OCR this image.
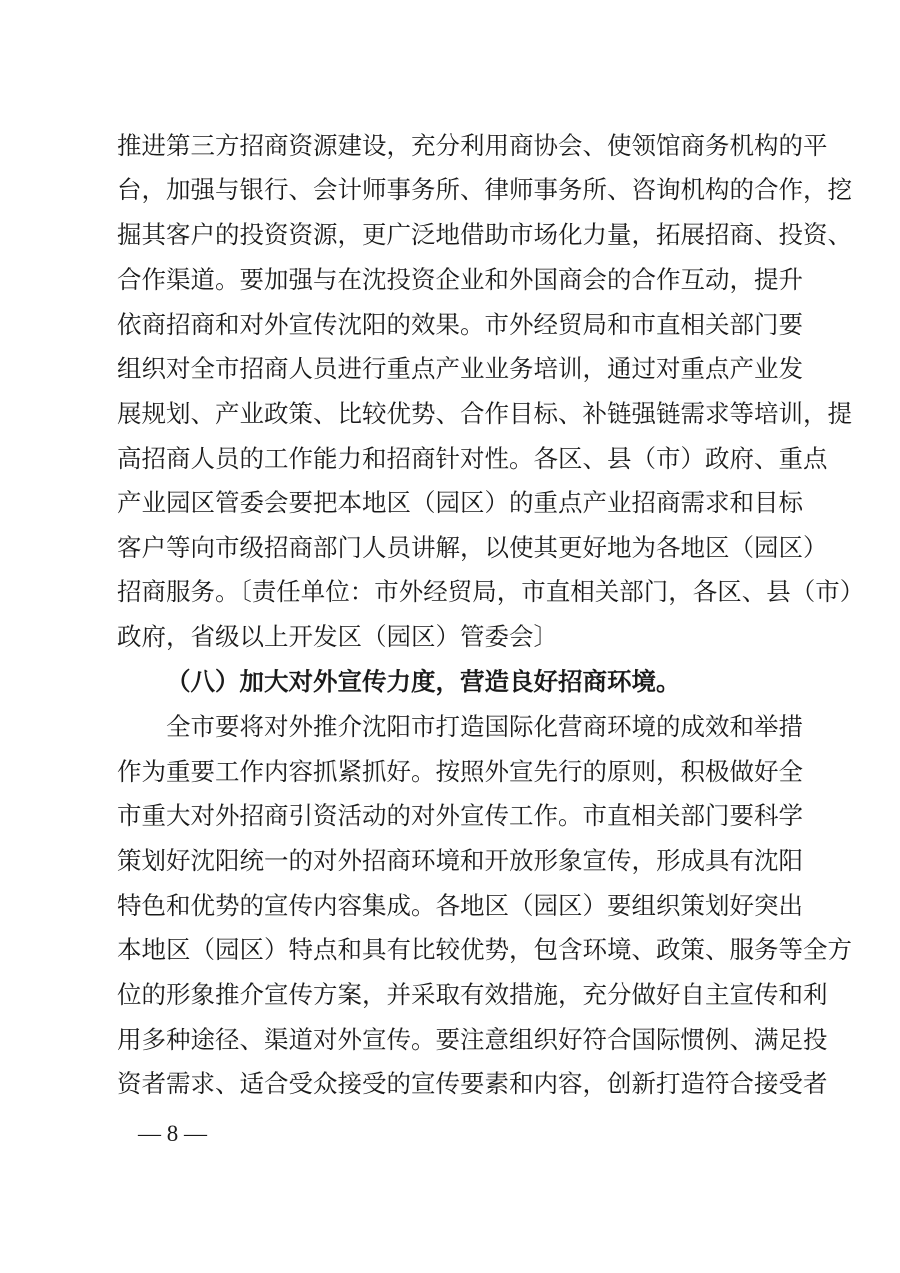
推进第三方招商资源建设，充分利用商协会、使领馆商务机构的平
台，加强与银行、会计师事务所、律师事务所、咨询机构的合作，挖
掘其客户的投资资源，更广泛地借助市场化力量，拓展招商、投资、
合作渠道。要加强与在沈投资企业和外国商会的合作互动，提升
依商招商和对外宣传沈阳的效果。市外经贸局和市直相关部门要
组织对全市招商人员进行重点产业业务培训，通过对重点产业发
展规划、产业政策、比较优势、合作目标、补链强链需求等培训，提
高招商人员的工作能力和招商针对性。各区、县（市）政府、重点
产业园区管委会要把本地区（园区）的重点产业招商需求和目标
客户等向市级招商部门人员讲解，以使其更好地为各地区（园区）
招商服务。〔责任单位：市外经贸局，市直相关部门，各区、县（市）
政府，省级以上开发区（园区）管委会〕
（八）加大对外宣传力度，营造良好招商环境。
全市要将对外推介沈阳市打造国际化营商环境的成效和举措
作为重要工作内容抓紧抓好。按照外宣先行的原则，积极做好全
市重大对外招商引资活动的对外宣传工作。市直相关部门要科学
策划好沈阳统一的对外招商环境和开放形象宣传，形成具有沈阳
特色和优势的宣传内容集成。各地区（园区）要组织策划好突出
本地区（园区）特点和具有比较优势，包含环境、政策、服务等全方
位的形象推介宣传方案，并采取有效措施，充分做好自主宣传和利
用多种途径、渠道对外宣传。要注意组织好符合国际惯例、满足投
资者需求、适合受众接受的宣传要素和内容，创新打造符合接受者
— 8 —
